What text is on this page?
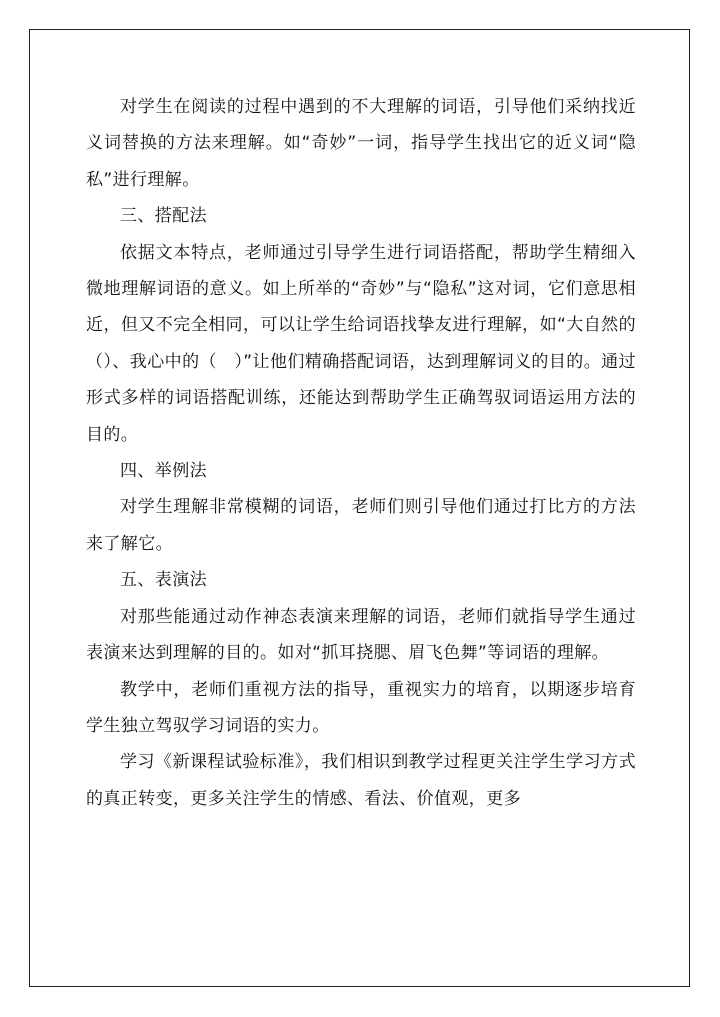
对学生在阅读的过程中遇到的不大理解的词语，引导他们采纳找近义词替换的方法来理解。如“奇妙”一词，指导学生找出它的近义词“隐私”进行理解。

三、搭配法

依据文本特点，老师通过引导学生进行词语搭配，帮助学生精细入微地理解词语的意义。如上所举的“奇妙”与“隐私”这对词，它们意思相近，但又不完全相同，可以让学生给词语找挚友进行理解，如“大自然的（）、我心中的（　）”让他们精确搭配词语，达到理解词义的目的。通过形式多样的词语搭配训练，还能达到帮助学生正确驾驭词语运用方法的目的。

四、举例法

对学生理解非常模糊的词语，老师们则引导他们通过打比方的方法来了解它。

五、表演法

对那些能通过动作神态表演来理解的词语，老师们就指导学生通过表演来达到理解的目的。如对“抓耳挠腮、眉飞色舞”等词语的理解。

教学中，老师们重视方法的指导，重视实力的培育，以期逐步培育学生独立驾驭学习词语的实力。

学习《新课程试验标准》，我们相识到教学过程更关注学生学习方式的真正转变，更多关注学生的情感、看法、价值观，更多
